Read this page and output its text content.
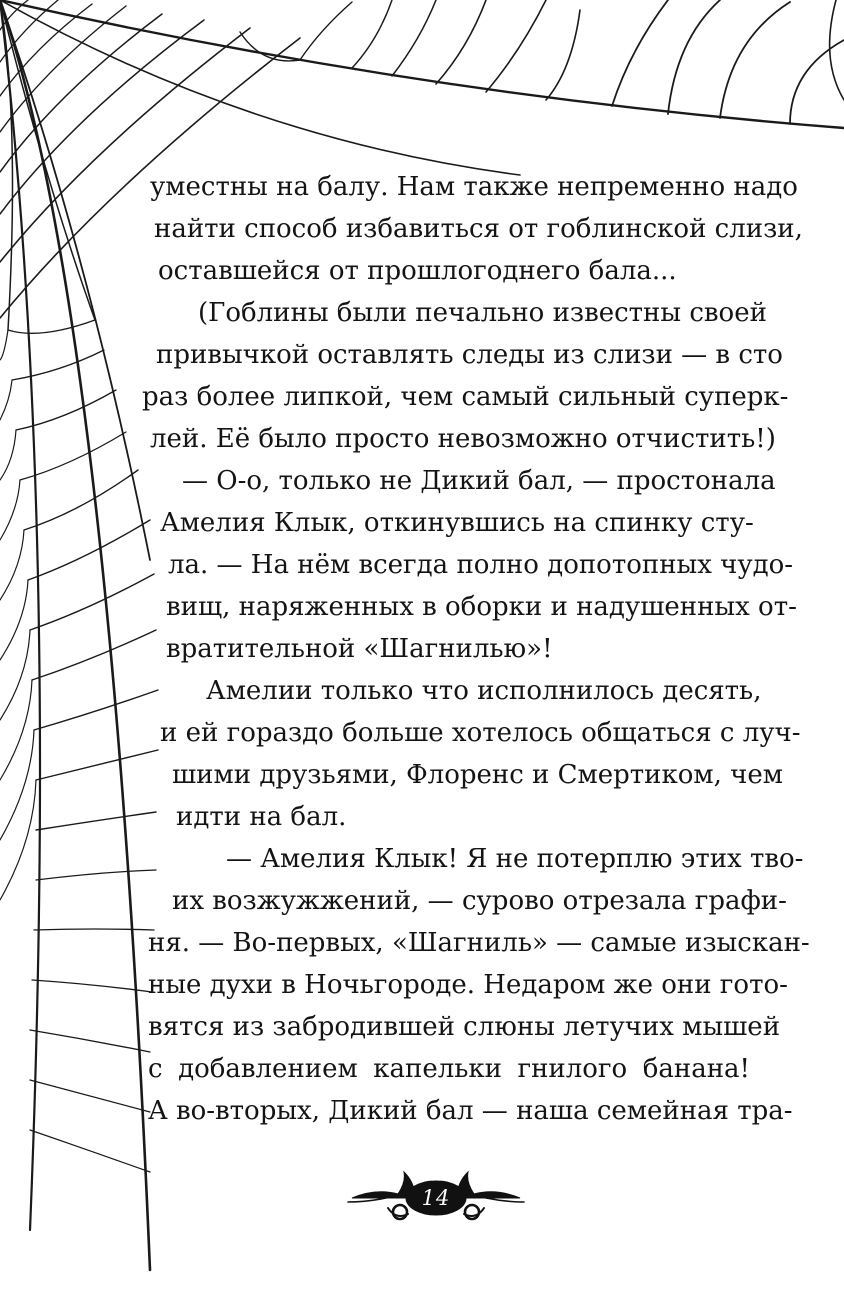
уместны на балу. Нам также непременно надо
найти способ избавиться от гоблинской слизи,
оставшейся от прошлогоднего бала...
(Гоблины были печально известны своей
привычкой оставлять следы из слизи — в сто
раз более липкой, чем самый сильный суперк-
лей. Её было просто невозможно отчистить!)
— О-о, только не Дикий бал, — простонала
Амелия Клык, откинувшись на спинку сту-
ла. — На нём всегда полно допотопных чудо-
вищ, наряженных в оборки и надушенных от-
вратительной «Шагнилью»!
Амелии только что исполнилось десять,
и ей гораздо больше хотелось общаться с луч-
шими друзьями, Флоренс и Смертиком, чем
идти на бал.
— Амелия Клык! Я не потерплю этих тво-
их возжужжений, — сурово отрезала графи-
ня. — Во-первых, «Шагниль» — самые изыскан-
ные духи в Ночьгороде. Недаром же они гото-
вятся из забродившей слюны летучих мышей
с добавлением капельки гнилого банана!
А во-вторых, Дикий бал — наша семейная тра-
14
